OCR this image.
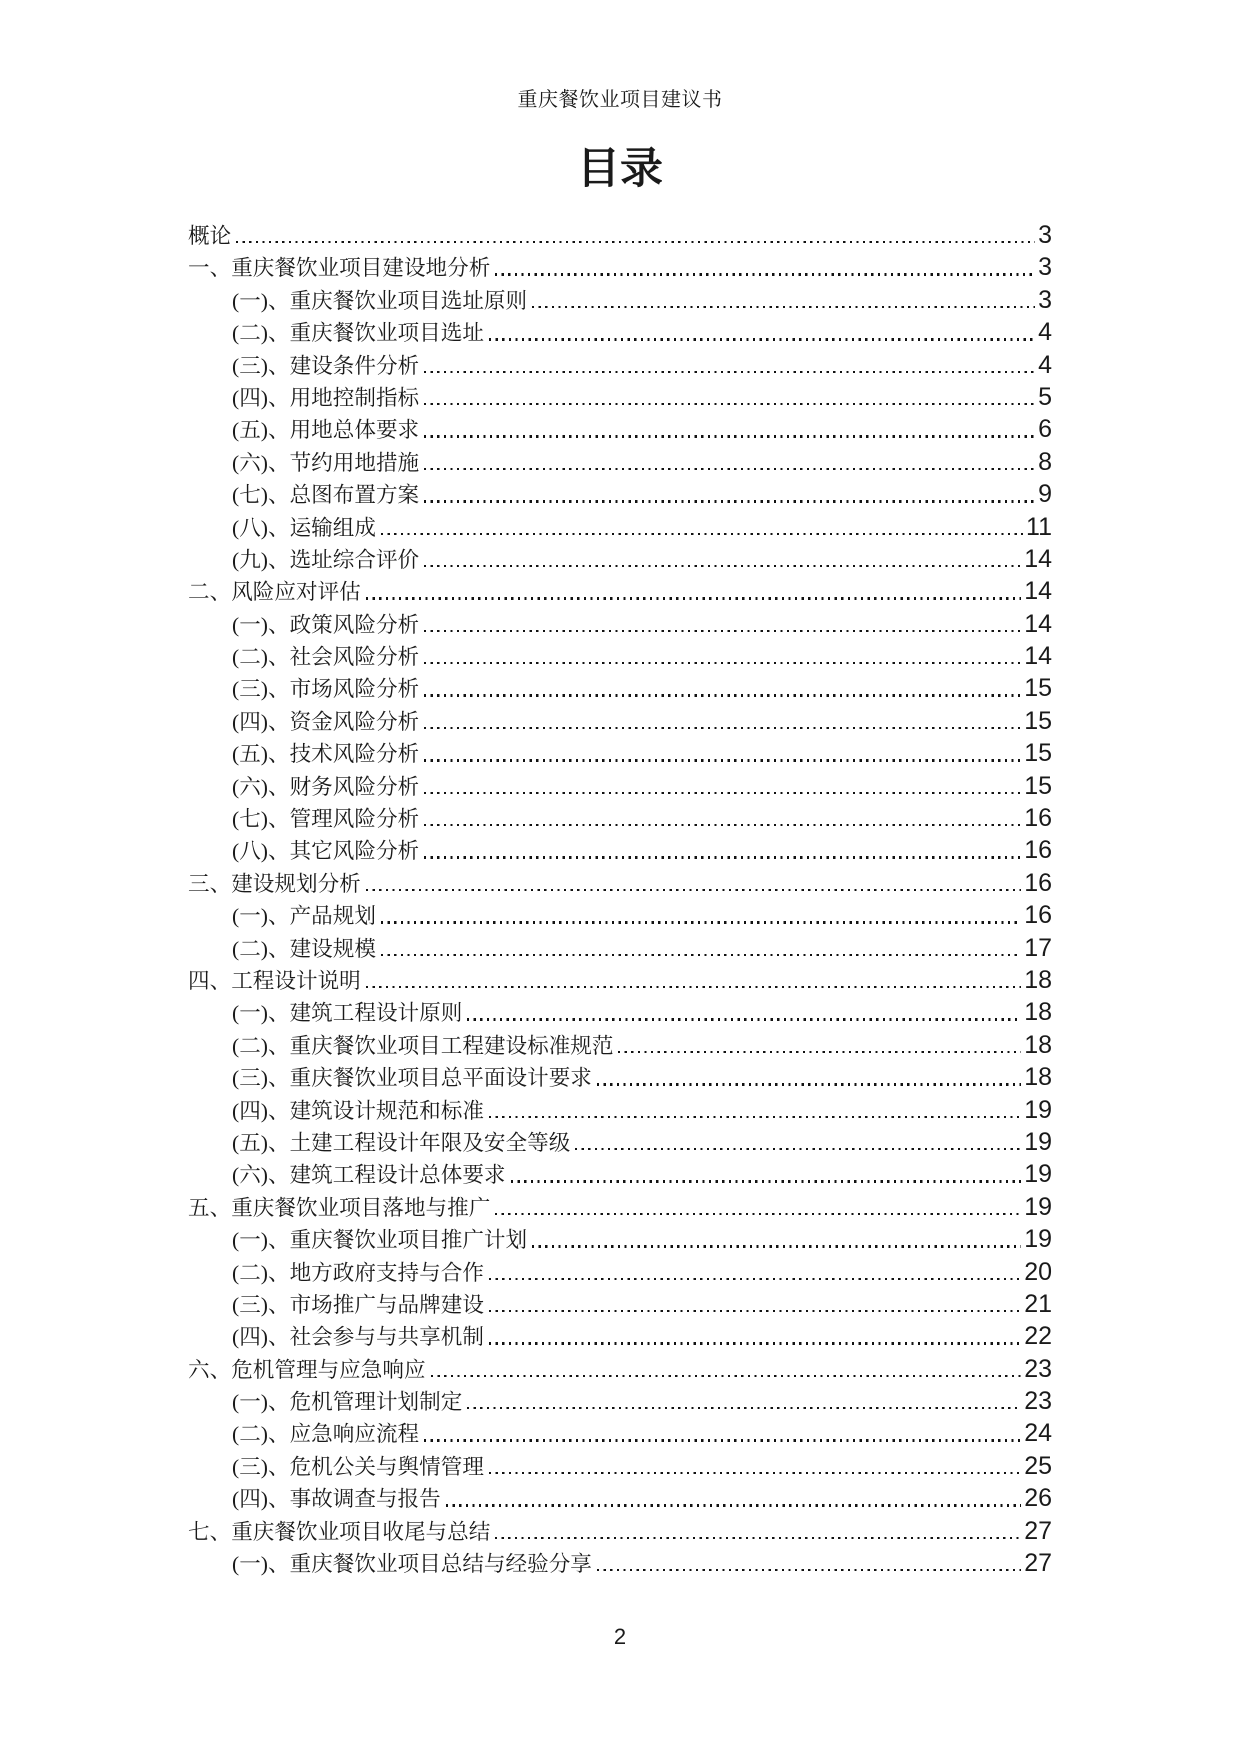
重庆餐饮业项目建议书
目录
概论	3
一、重庆餐饮业项目建设地分析	3
(一)、重庆餐饮业项目选址原则	3
(二)、重庆餐饮业项目选址	4
(三)、建设条件分析	4
(四)、用地控制指标	5
(五)、用地总体要求	6
(六)、节约用地措施	8
(七)、总图布置方案	9
(八)、运输组成	11
(九)、选址综合评价	14
二、风险应对评估	14
(一)、政策风险分析	14
(二)、社会风险分析	14
(三)、市场风险分析	15
(四)、资金风险分析	15
(五)、技术风险分析	15
(六)、财务风险分析	15
(七)、管理风险分析	16
(八)、其它风险分析	16
三、建设规划分析	16
(一)、产品规划	16
(二)、建设规模	17
四、工程设计说明	18
(一)、建筑工程设计原则	18
(二)、重庆餐饮业项目工程建设标准规范	18
(三)、重庆餐饮业项目总平面设计要求	18
(四)、建筑设计规范和标准	19
(五)、土建工程设计年限及安全等级	19
(六)、建筑工程设计总体要求	19
五、重庆餐饮业项目落地与推广	19
(一)、重庆餐饮业项目推广计划	19
(二)、地方政府支持与合作	20
(三)、市场推广与品牌建设	21
(四)、社会参与与共享机制	22
六、危机管理与应急响应	23
(一)、危机管理计划制定	23
(二)、应急响应流程	24
(三)、危机公关与舆情管理	25
(四)、事故调查与报告	26
七、重庆餐饮业项目收尾与总结	27
(一)、重庆餐饮业项目总结与经验分享	27
2
